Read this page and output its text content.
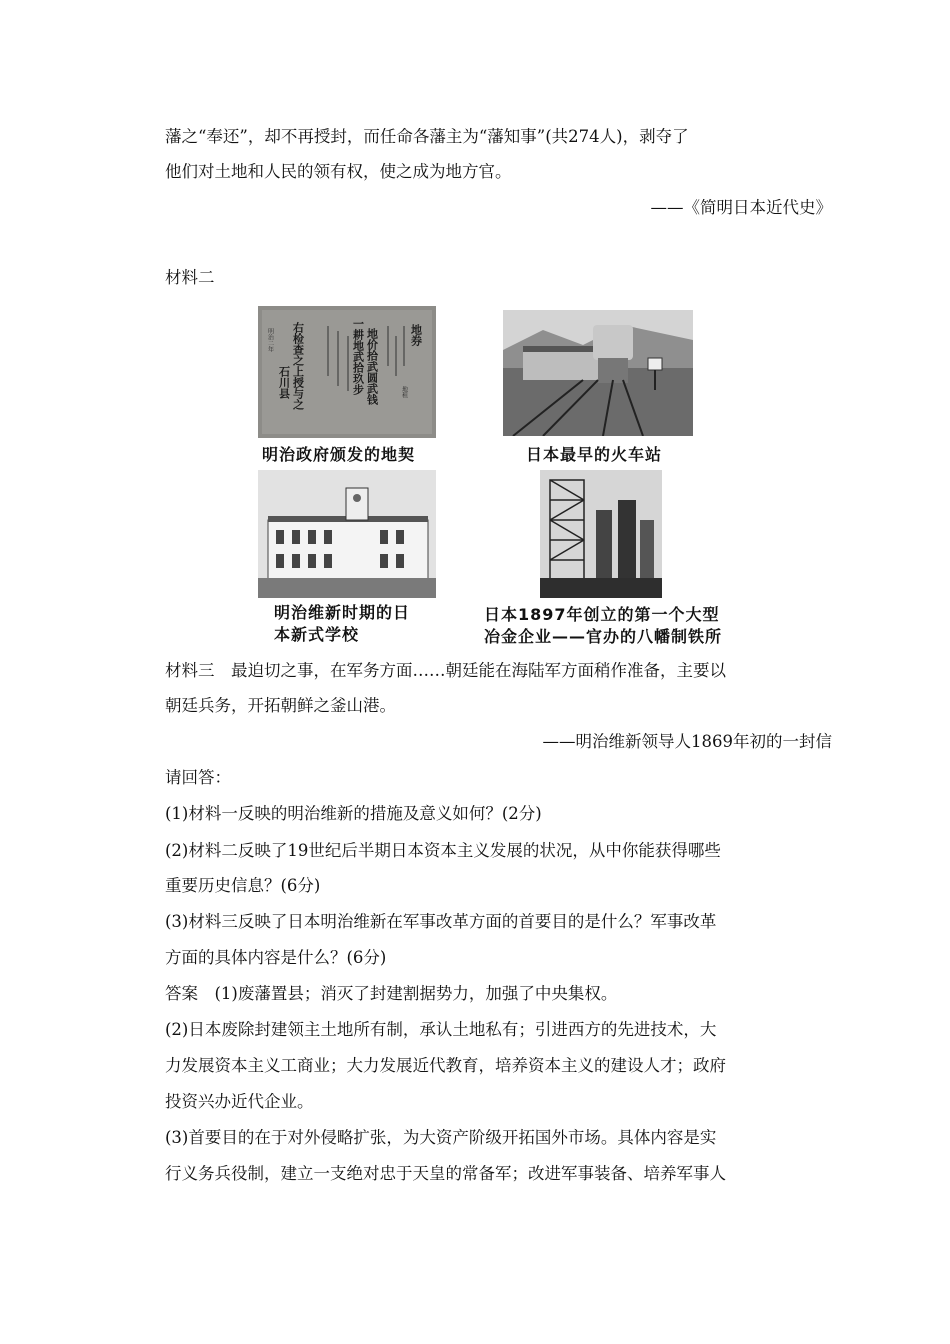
藩之“奉还”，却不再授封，而任命各藩主为“藩知事”(共274人)，剥夺了
他们对土地和人民的领有权，使之成为地方官。
——《简明日本近代史》
材料二
右检查之上授与之
石川县	一耕地武拾玖步 地价拾武圆武钱	地券
明治二年
地租
明治政府颁发的地契	日本最早的火车站
明治维新时期的日
本新式学校
日本1897年创立的第一个大型
冶金企业——官办的八幡制铁所
材料三　最迫切之事，在军务方面……朝廷能在海陆军方面稍作准备，主要以
朝廷兵务，开拓朝鲜之釜山港。
——明治维新领导人1869年初的一封信
请回答：
(1)材料一反映的明治维新的措施及意义如何？(2分)
(2)材料二反映了19世纪后半期日本资本主义发展的状况，从中你能获得哪些
重要历史信息？(6分)
(3)材料三反映了日本明治维新在军事改革方面的首要目的是什么？军事改革
方面的具体内容是什么？(6分)
答案　(1)废藩置县；消灭了封建割据势力，加强了中央集权。
(2)日本废除封建领主土地所有制，承认土地私有；引进西方的先进技术，大
力发展资本主义工商业；大力发展近代教育，培养资本主义的建设人才；政府
投资兴办近代企业。
(3)首要目的在于对外侵略扩张，为大资产阶级开拓国外市场。具体内容是实
行义务兵役制，建立一支绝对忠于天皇的常备军；改进军事装备、培养军事人
